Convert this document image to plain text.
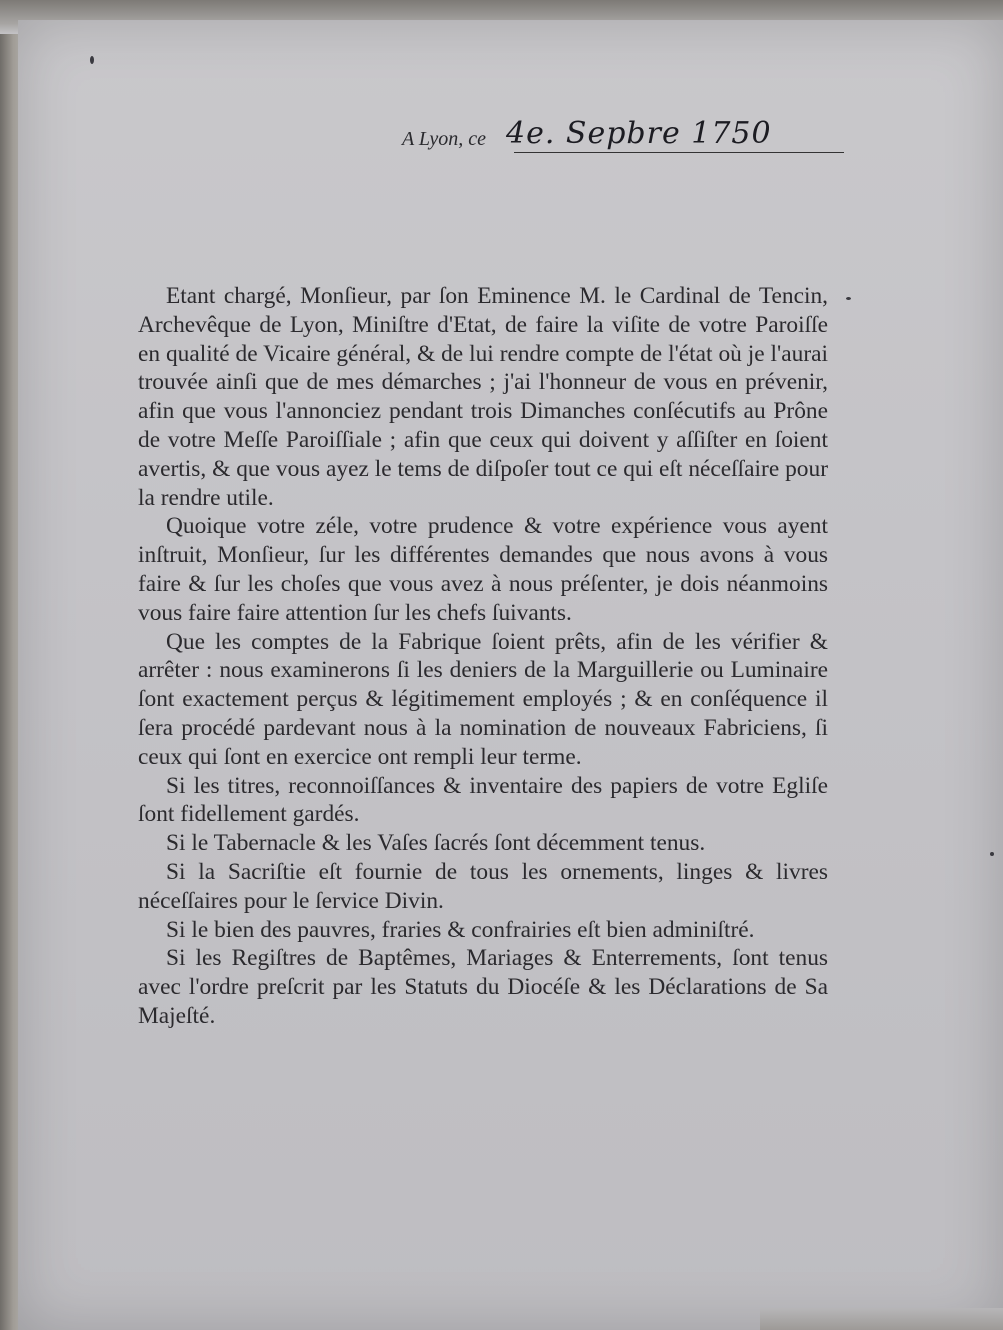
A Lyon, ce 4e. Sepbre 1750

Etant chargé, Monſieur, par ſon Eminence M. le Cardinal de Tencin, Archevêque de Lyon, Miniſtre d'Etat, de faire la viſite de votre Paroiſſe en qualité de Vicaire général, & de lui rendre compte de l'état où je l'aurai trouvée ainſi que de mes démarches ; j'ai l'honneur de vous en prévenir, afin que vous l'annonciez pendant trois Dimanches conſécutifs au Prône de votre Meſſe Paroiſſiale ; afin que ceux qui doivent y aſſiſter en ſoient avertis, & que vous ayez le tems de diſpoſer tout ce qui eſt néceſſaire pour la rendre utile.

Quoique votre zéle, votre prudence & votre expérience vous ayent inſtruit, Monſieur, ſur les différentes demandes que nous avons à vous faire & ſur les choſes que vous avez à nous préſenter, je dois néanmoins vous faire faire attention ſur les chefs ſuivants.

Que les comptes de la Fabrique ſoient prêts, afin de les vérifier & arrêter : nous examinerons ſi les deniers de la Marguillerie ou Luminaire ſont exactement perçus & légitimement employés ; & en conſéquence il ſera procédé pardevant nous à la nomination de nouveaux Fabriciens, ſi ceux qui ſont en exercice ont rempli leur terme.

Si les titres, reconnoiſſances & inventaire des papiers de votre Egliſe ſont fidellement gardés.

Si le Tabernacle & les Vaſes ſacrés ſont décemment tenus.

Si la Sacriſtie eſt fournie de tous les ornements, linges & livres néceſſaires pour le ſervice Divin.

Si le bien des pauvres, fraries & confrairies eſt bien adminiſtré.

Si les Regiſtres de Baptêmes, Mariages & Enterrements, ſont tenus avec l'ordre preſcrit par les Statuts du Diocéſe & les Déclarations de Sa Majeſté.
